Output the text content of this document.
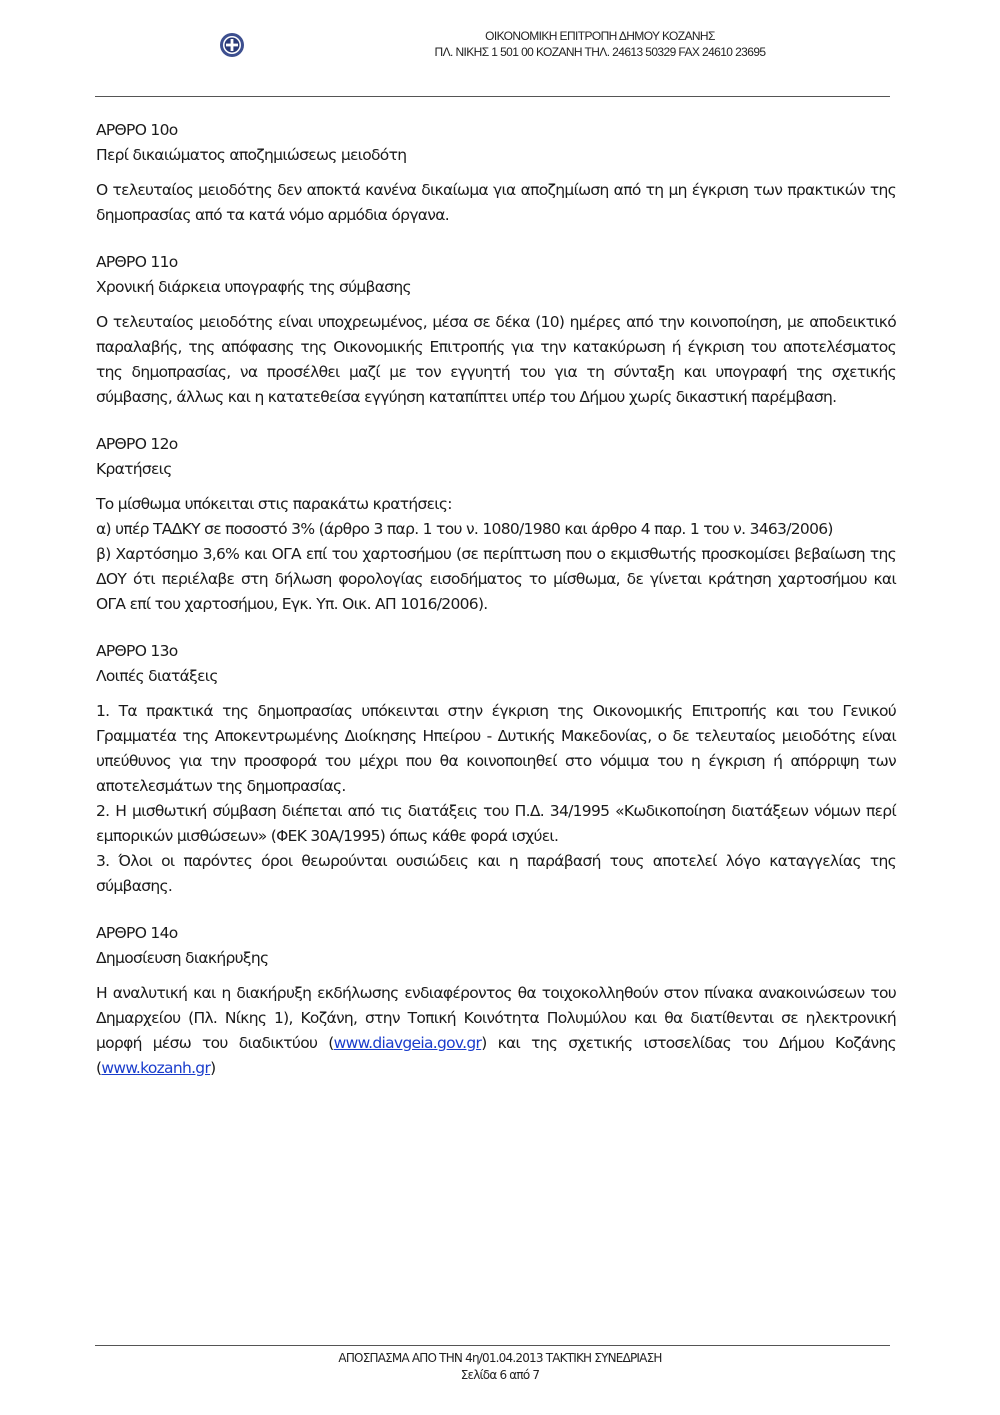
ΟΙΚΟΝΟΜΙΚΗ ΕΠΙΤΡΟΠΗ ΔΗΜΟΥ ΚΟΖΑΝΗΣ
ΠΛ. ΝΙΚΗΣ 1 501 00 ΚΟΖΑΝΗ ΤΗΛ. 24613 50329 FAX 24610 23695

ΑΡΘΡΟ 10ο

Περί δικαιώματος αποζημιώσεως μειοδότη

Ο τελευταίος μειοδότης δεν αποκτά κανένα δικαίωμα για αποζημίωση από τη μη έγκριση των πρακτικών της δημοπρασίας από τα κατά νόμο αρμόδια όργανα.

ΑΡΘΡΟ 11ο

Χρονική διάρκεια υπογραφής της σύμβασης

Ο τελευταίος μειοδότης είναι υποχρεωμένος, μέσα σε δέκα (10) ημέρες από την κοινοποίηση, με αποδεικτικό παραλαβής, της απόφασης της Οικονομικής Επιτροπής για την κατακύρωση ή έγκριση του αποτελέσματος της δημοπρασίας, να προσέλθει μαζί με τον εγγυητή του για τη σύνταξη και υπογραφή της σχετικής σύμβασης, άλλως και η κατατεθείσα εγγύηση καταπίπτει υπέρ του Δήμου χωρίς δικαστική παρέμβαση.

ΑΡΘΡΟ 12ο

Κρατήσεις

Το μίσθωμα υπόκειται στις παρακάτω κρατήσεις:

α) υπέρ ΤΑΔΚΥ σε ποσοστό 3% (άρθρο 3 παρ. 1 του ν. 1080/1980 και άρθρο 4 παρ. 1 του ν. 3463/2006)

β) Χαρτόσημο 3,6% και ΟΓΑ επί του χαρτοσήμου (σε περίπτωση που ο εκμισθωτής προσκομίσει βεβαίωση της ΔΟΥ ότι περιέλαβε στη δήλωση φορολογίας εισοδήματος το μίσθωμα, δε γίνεται κράτηση χαρτοσήμου και ΟΓΑ επί του χαρτοσήμου, Εγκ. Υπ. Οικ. ΑΠ 1016/2006).

ΑΡΘΡΟ 13ο

Λοιπές διατάξεις

1. Τα πρακτικά της δημοπρασίας υπόκεινται στην έγκριση της Οικονομικής Επιτροπής και του Γενικού Γραμματέα της Αποκεντρωμένης Διοίκησης Ηπείρου - Δυτικής Μακεδονίας, ο δε τελευταίος μειοδότης είναι υπεύθυνος για την προσφορά του μέχρι που θα κοινοποιηθεί στο νόμιμα του η έγκριση ή απόρριψη των αποτελεσμάτων της δημοπρασίας.

2. Η μισθωτική σύμβαση διέπεται από τις διατάξεις του Π.Δ. 34/1995 «Κωδικοποίηση διατάξεων νόμων περί εμπορικών μισθώσεων» (ΦΕΚ 30Α/1995) όπως κάθε φορά ισχύει.

3. Όλοι οι παρόντες όροι θεωρούνται ουσιώδεις και η παράβασή τους αποτελεί λόγο καταγγελίας της σύμβασης.

ΑΡΘΡΟ 14ο

Δημοσίευση διακήρυξης

Η αναλυτική και η διακήρυξη εκδήλωσης ενδιαφέροντος θα τοιχοκολληθούν στον πίνακα ανακοινώσεων του Δημαρχείου (Πλ. Νίκης 1), Κοζάνη, στην Τοπική Κοινότητα Πολυμύλου και θα διατίθενται σε ηλεκτρονική μορφή μέσω του διαδικτύου (www.diavgeia.gov.gr) και της σχετικής ιστοσελίδας του Δήμου Κοζάνης (www.kozanh.gr)

ΑΠΟΣΠΑΣΜΑ ΑΠΟ ΤΗΝ 4η/01.04.2013 ΤΑΚΤΙΚΗ ΣΥΝΕΔΡΙΑΣΗ
Σελίδα 6 από 7
